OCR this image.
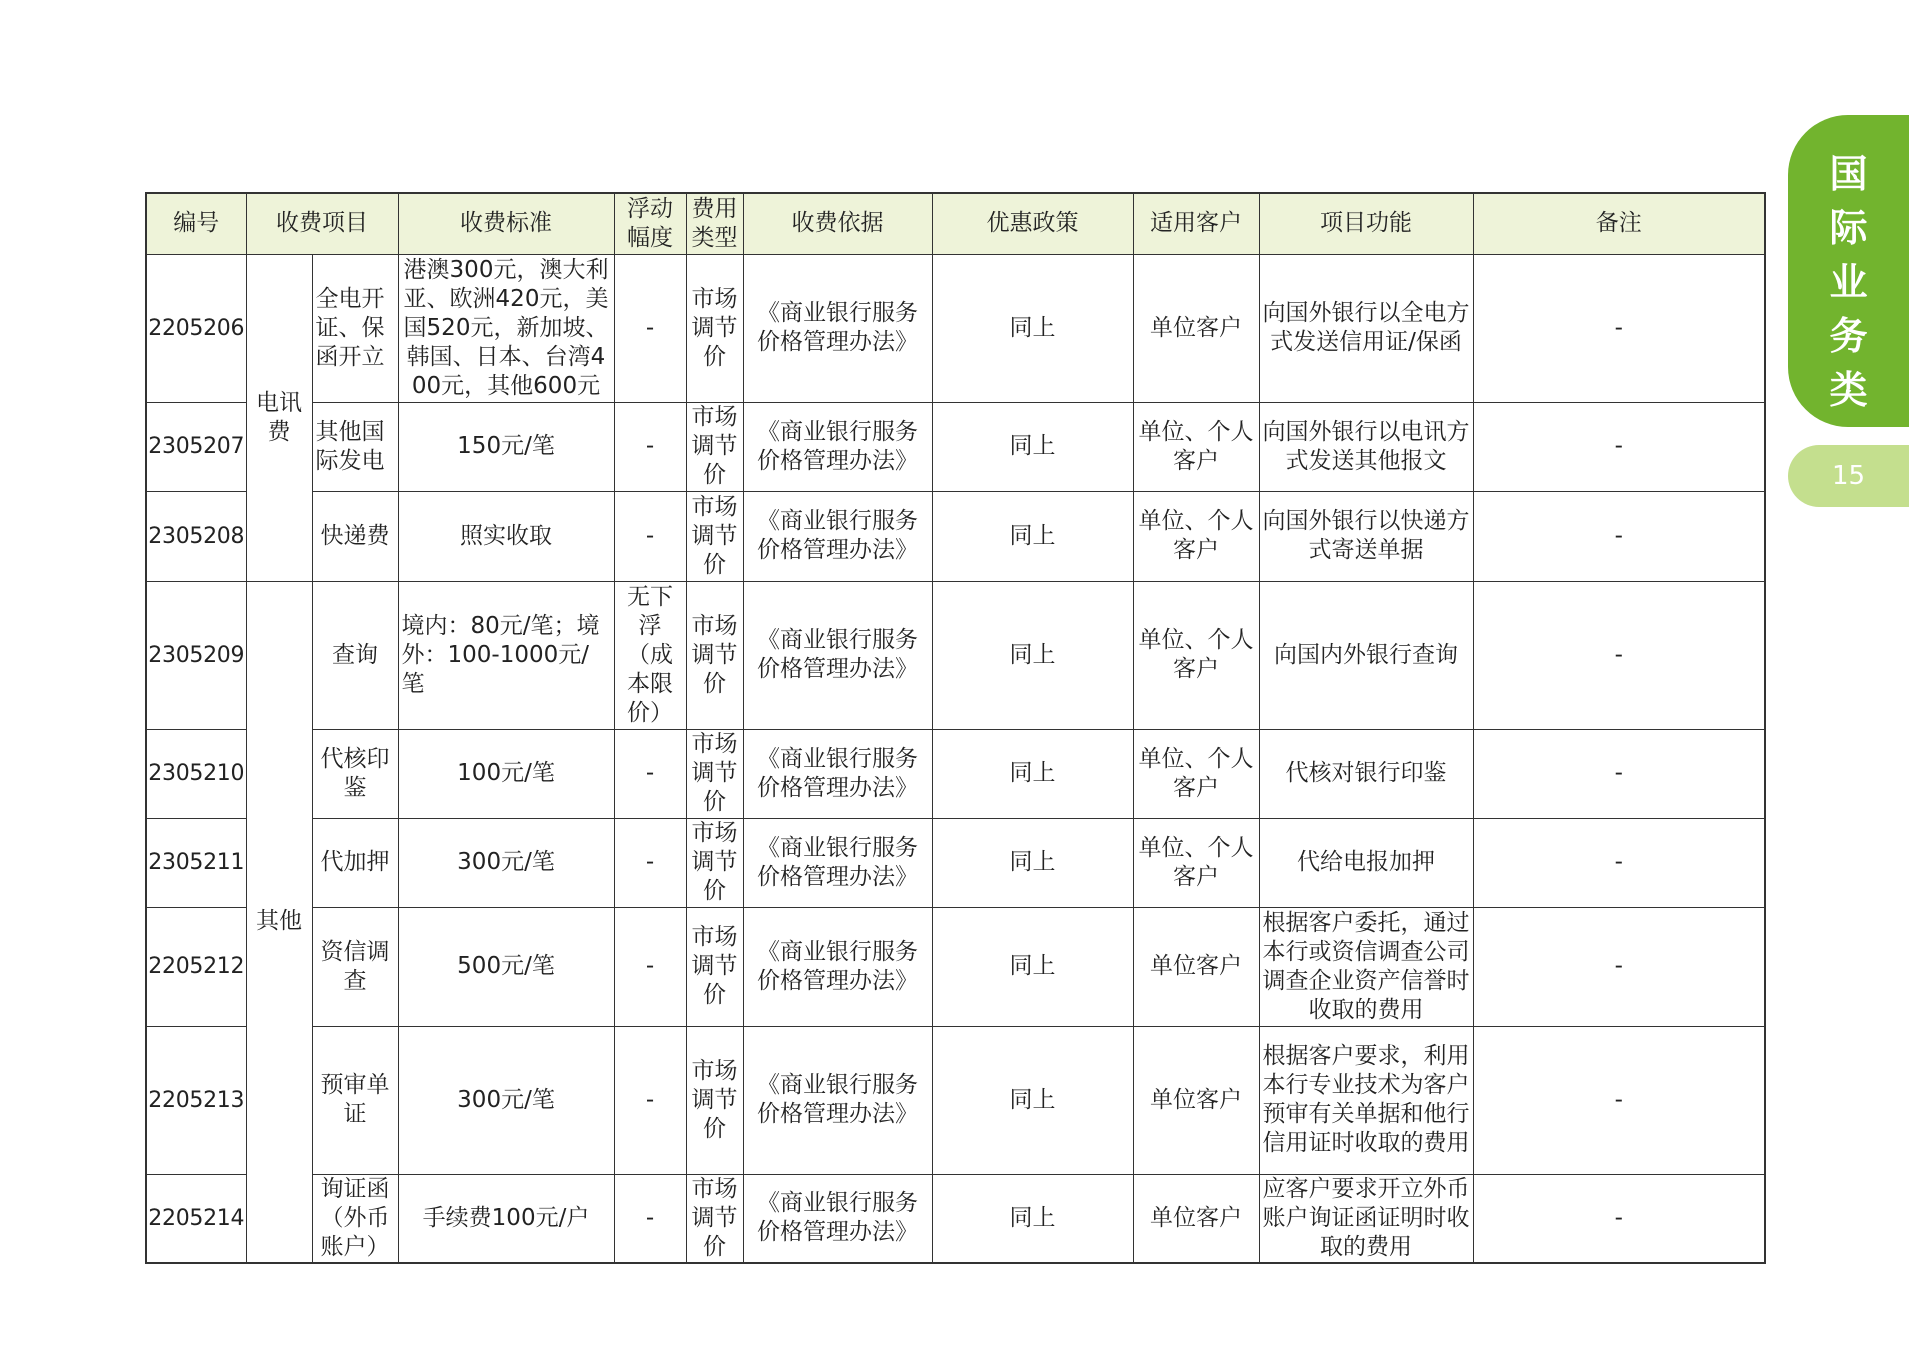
国
际
业
务
类
15
编号	收费项目		收费标准	浮动幅度	费用类型	收费依据	优惠政策	适用客户	项目功能	备注
2205206	电讯费	全电开证、保函开立	港澳300元，澳大利亚、欧洲420元，美国520元，新加坡、韩国、日本、台湾400元，其他600元	-	市场调节价	《商业银行服务价格管理办法》	同上	单位客户	向国外银行以全电方式发送信用证/保函	-
2305207		其他国际发电	150元/笔	-	市场调节价	《商业银行服务价格管理办法》	同上	单位、个人客户	向国外银行以电讯方式发送其他报文	-
2305208		快递费	照实收取	-	市场调节价	《商业银行服务价格管理办法》	同上	单位、个人客户	向国外银行以快递方式寄送单据	-
2305209	其他	查询	境内：80元/笔；境外：100-1000元/笔	无下浮（成本限价）	市场调节价	《商业银行服务价格管理办法》	同上	单位、个人客户	向国内外银行查询	-
2305210		代核印鉴	100元/笔	-	市场调节价	《商业银行服务价格管理办法》	同上	单位、个人客户	代核对银行印鉴	-
2305211		代加押	300元/笔	-	市场调节价	《商业银行服务价格管理办法》	同上	单位、个人客户	代给电报加押	-
2205212		资信调查	500元/笔	-	市场调节价	《商业银行服务价格管理办法》	同上	单位客户	根据客户委托，通过本行或资信调查公司调查企业资产信誉时收取的费用	-
2205213		预审单证	300元/笔	-	市场调节价	《商业银行服务价格管理办法》	同上	单位客户	根据客户要求，利用本行专业技术为客户预审有关单据和他行信用证时收取的费用	-
2205214		询证函（外币账户）	手续费100元/户	-	市场调节价	《商业银行服务价格管理办法》	同上	单位客户	应客户要求开立外币账户询证函证明时收取的费用	-
